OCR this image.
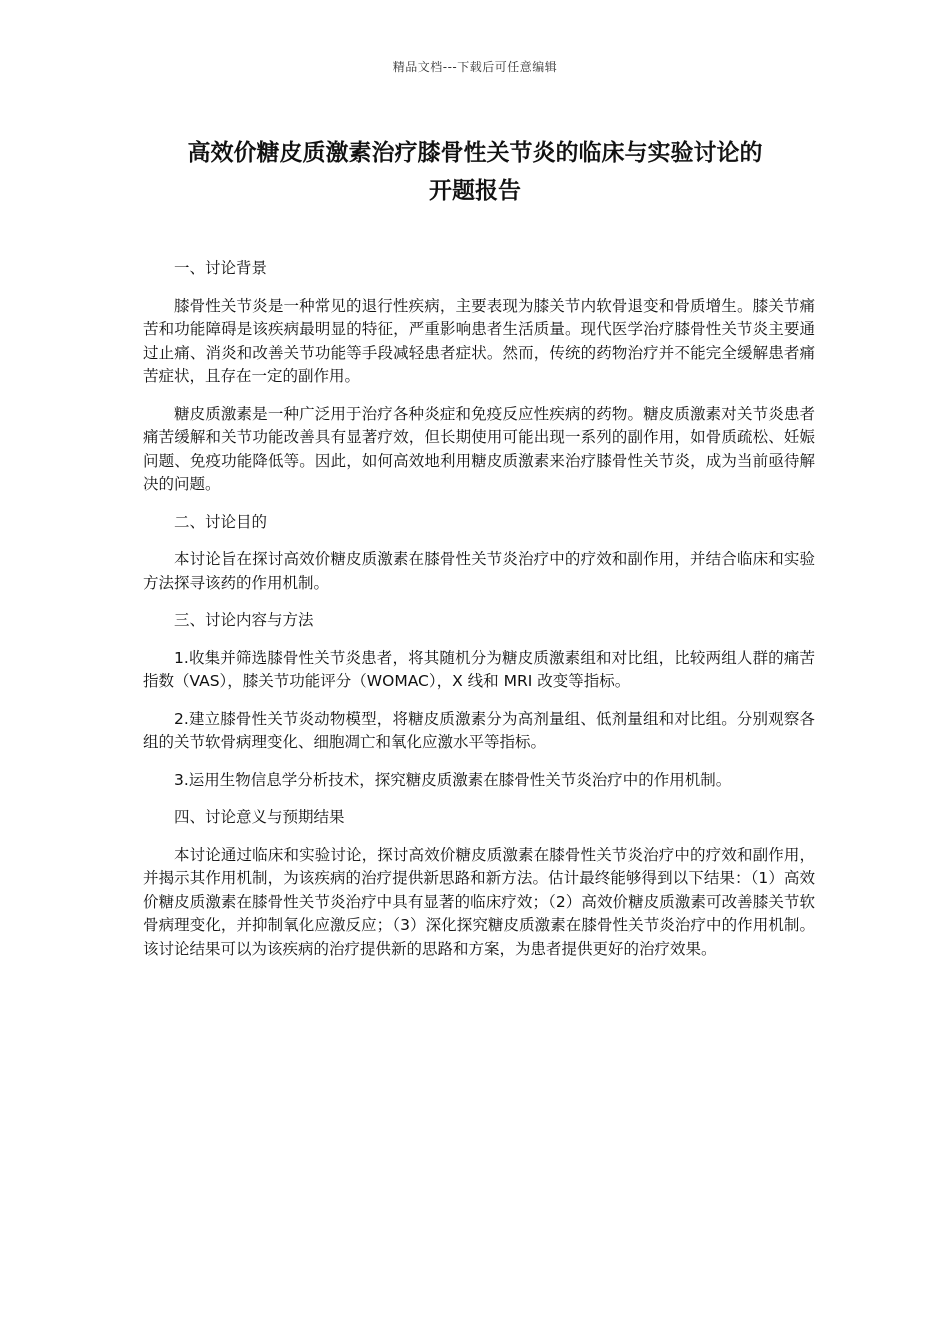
精品文档---下载后可任意编辑
高效价糖皮质激素治疗膝骨性关节炎的临床与实验讨论的
开题报告

一、讨论背景

膝骨性关节炎是一种常见的退行性疾病，主要表现为膝关节内软骨退变和骨质增生。膝关节痛苦和功能障碍是该疾病最明显的特征，严重影响患者生活质量。现代医学治疗膝骨性关节炎主要通过止痛、消炎和改善关节功能等手段减轻患者症状。然而，传统的药物治疗并不能完全缓解患者痛苦症状，且存在一定的副作用。

糖皮质激素是一种广泛用于治疗各种炎症和免疫反应性疾病的药物。糖皮质激素对关节炎患者痛苦缓解和关节功能改善具有显著疗效，但长期使用可能出现一系列的副作用，如骨质疏松、妊娠问题、免疫功能降低等。因此，如何高效地利用糖皮质激素来治疗膝骨性关节炎，成为当前亟待解决的问题。

二、讨论目的

本讨论旨在探讨高效价糖皮质激素在膝骨性关节炎治疗中的疗效和副作用，并结合临床和实验方法探寻该药的作用机制。

三、讨论内容与方法

1.收集并筛选膝骨性关节炎患者，将其随机分为糖皮质激素组和对比组，比较两组人群的痛苦指数（VAS），膝关节功能评分（WOMAC），X 线和 MRI 改变等指标。

2.建立膝骨性关节炎动物模型，将糖皮质激素分为高剂量组、低剂量组和对比组。分别观察各组的关节软骨病理变化、细胞凋亡和氧化应激水平等指标。

3.运用生物信息学分析技术，探究糖皮质激素在膝骨性关节炎治疗中的作用机制。

四、讨论意义与预期结果

本讨论通过临床和实验讨论，探讨高效价糖皮质激素在膝骨性关节炎治疗中的疗效和副作用，并揭示其作用机制，为该疾病的治疗提供新思路和新方法。估计最终能够得到以下结果：（1）高效价糖皮质激素在膝骨性关节炎治疗中具有显著的临床疗效；（2）高效价糖皮质激素可改善膝关节软骨病理变化，并抑制氧化应激反应；（3）深化探究糖皮质激素在膝骨性关节炎治疗中的作用机制。该讨论结果可以为该疾病的治疗提供新的思路和方案，为患者提供更好的治疗效果。
